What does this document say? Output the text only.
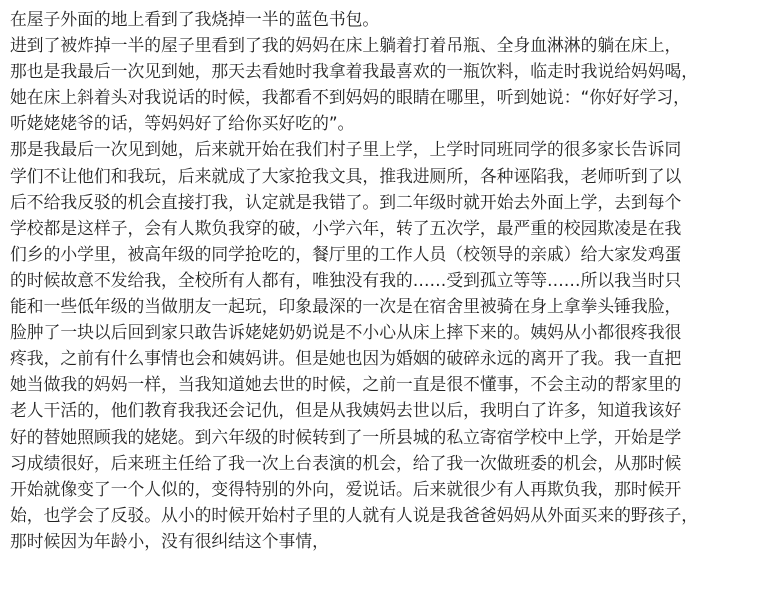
在屋子外面的地上看到了我烧掉一半的蓝色书包。
进到了被炸掉一半的屋子里看到了我的妈妈在床上躺着打着吊瓶、全身血淋淋的躺在床上，
那也是我最后一次见到她，那天去看她时我拿着我最喜欢的一瓶饮料，临走时我说给妈妈喝，
她在床上斜着头对我说话的时候，我都看不到妈妈的眼睛在哪里，听到她说：“你好好学习，
听姥姥姥爷的话，等妈妈好了给你买好吃的”。
那是我最后一次见到她，后来就开始在我们村子里上学，上学时同班同学的很多家长告诉同
学们不让他们和我玩，后来就成了大家抢我文具，推我进厕所，各种诬陷我，老师听到了以
后不给我反驳的机会直接打我，认定就是我错了。到二年级时就开始去外面上学，去到每个
学校都是这样子，会有人欺负我穿的破，小学六年，转了五次学，最严重的校园欺凌是在我
们乡的小学里，被高年级的同学抢吃的，餐厅里的工作人员（校领导的亲戚）给大家发鸡蛋
的时候故意不发给我，全校所有人都有，唯独没有我的……受到孤立等等……所以我当时只
能和一些低年级的当做朋友一起玩，印象最深的一次是在宿舍里被骑在身上拿拳头锤我脸，
脸肿了一块以后回到家只敢告诉姥姥奶奶说是不小心从床上摔下来的。姨妈从小都很疼我很
疼我，之前有什么事情也会和姨妈讲。但是她也因为婚姻的破碎永远的离开了我。我一直把
她当做我的妈妈一样，当我知道她去世的时候，之前一直是很不懂事，不会主动的帮家里的
老人干活的，他们教育我我还会记仇，但是从我姨妈去世以后，我明白了许多，知道我该好
好的替她照顾我的姥姥。到六年级的时候转到了一所县城的私立寄宿学校中上学，开始是学
习成绩很好，后来班主任给了我一次上台表演的机会，给了我一次做班委的机会，从那时候
开始就像变了一个人似的，变得特别的外向，爱说话。后来就很少有人再欺负我，那时候开
始，也学会了反驳。从小的时候开始村子里的人就有人说是我爸爸妈妈从外面买来的野孩子，
那时候因为年龄小，没有很纠结这个事情，
